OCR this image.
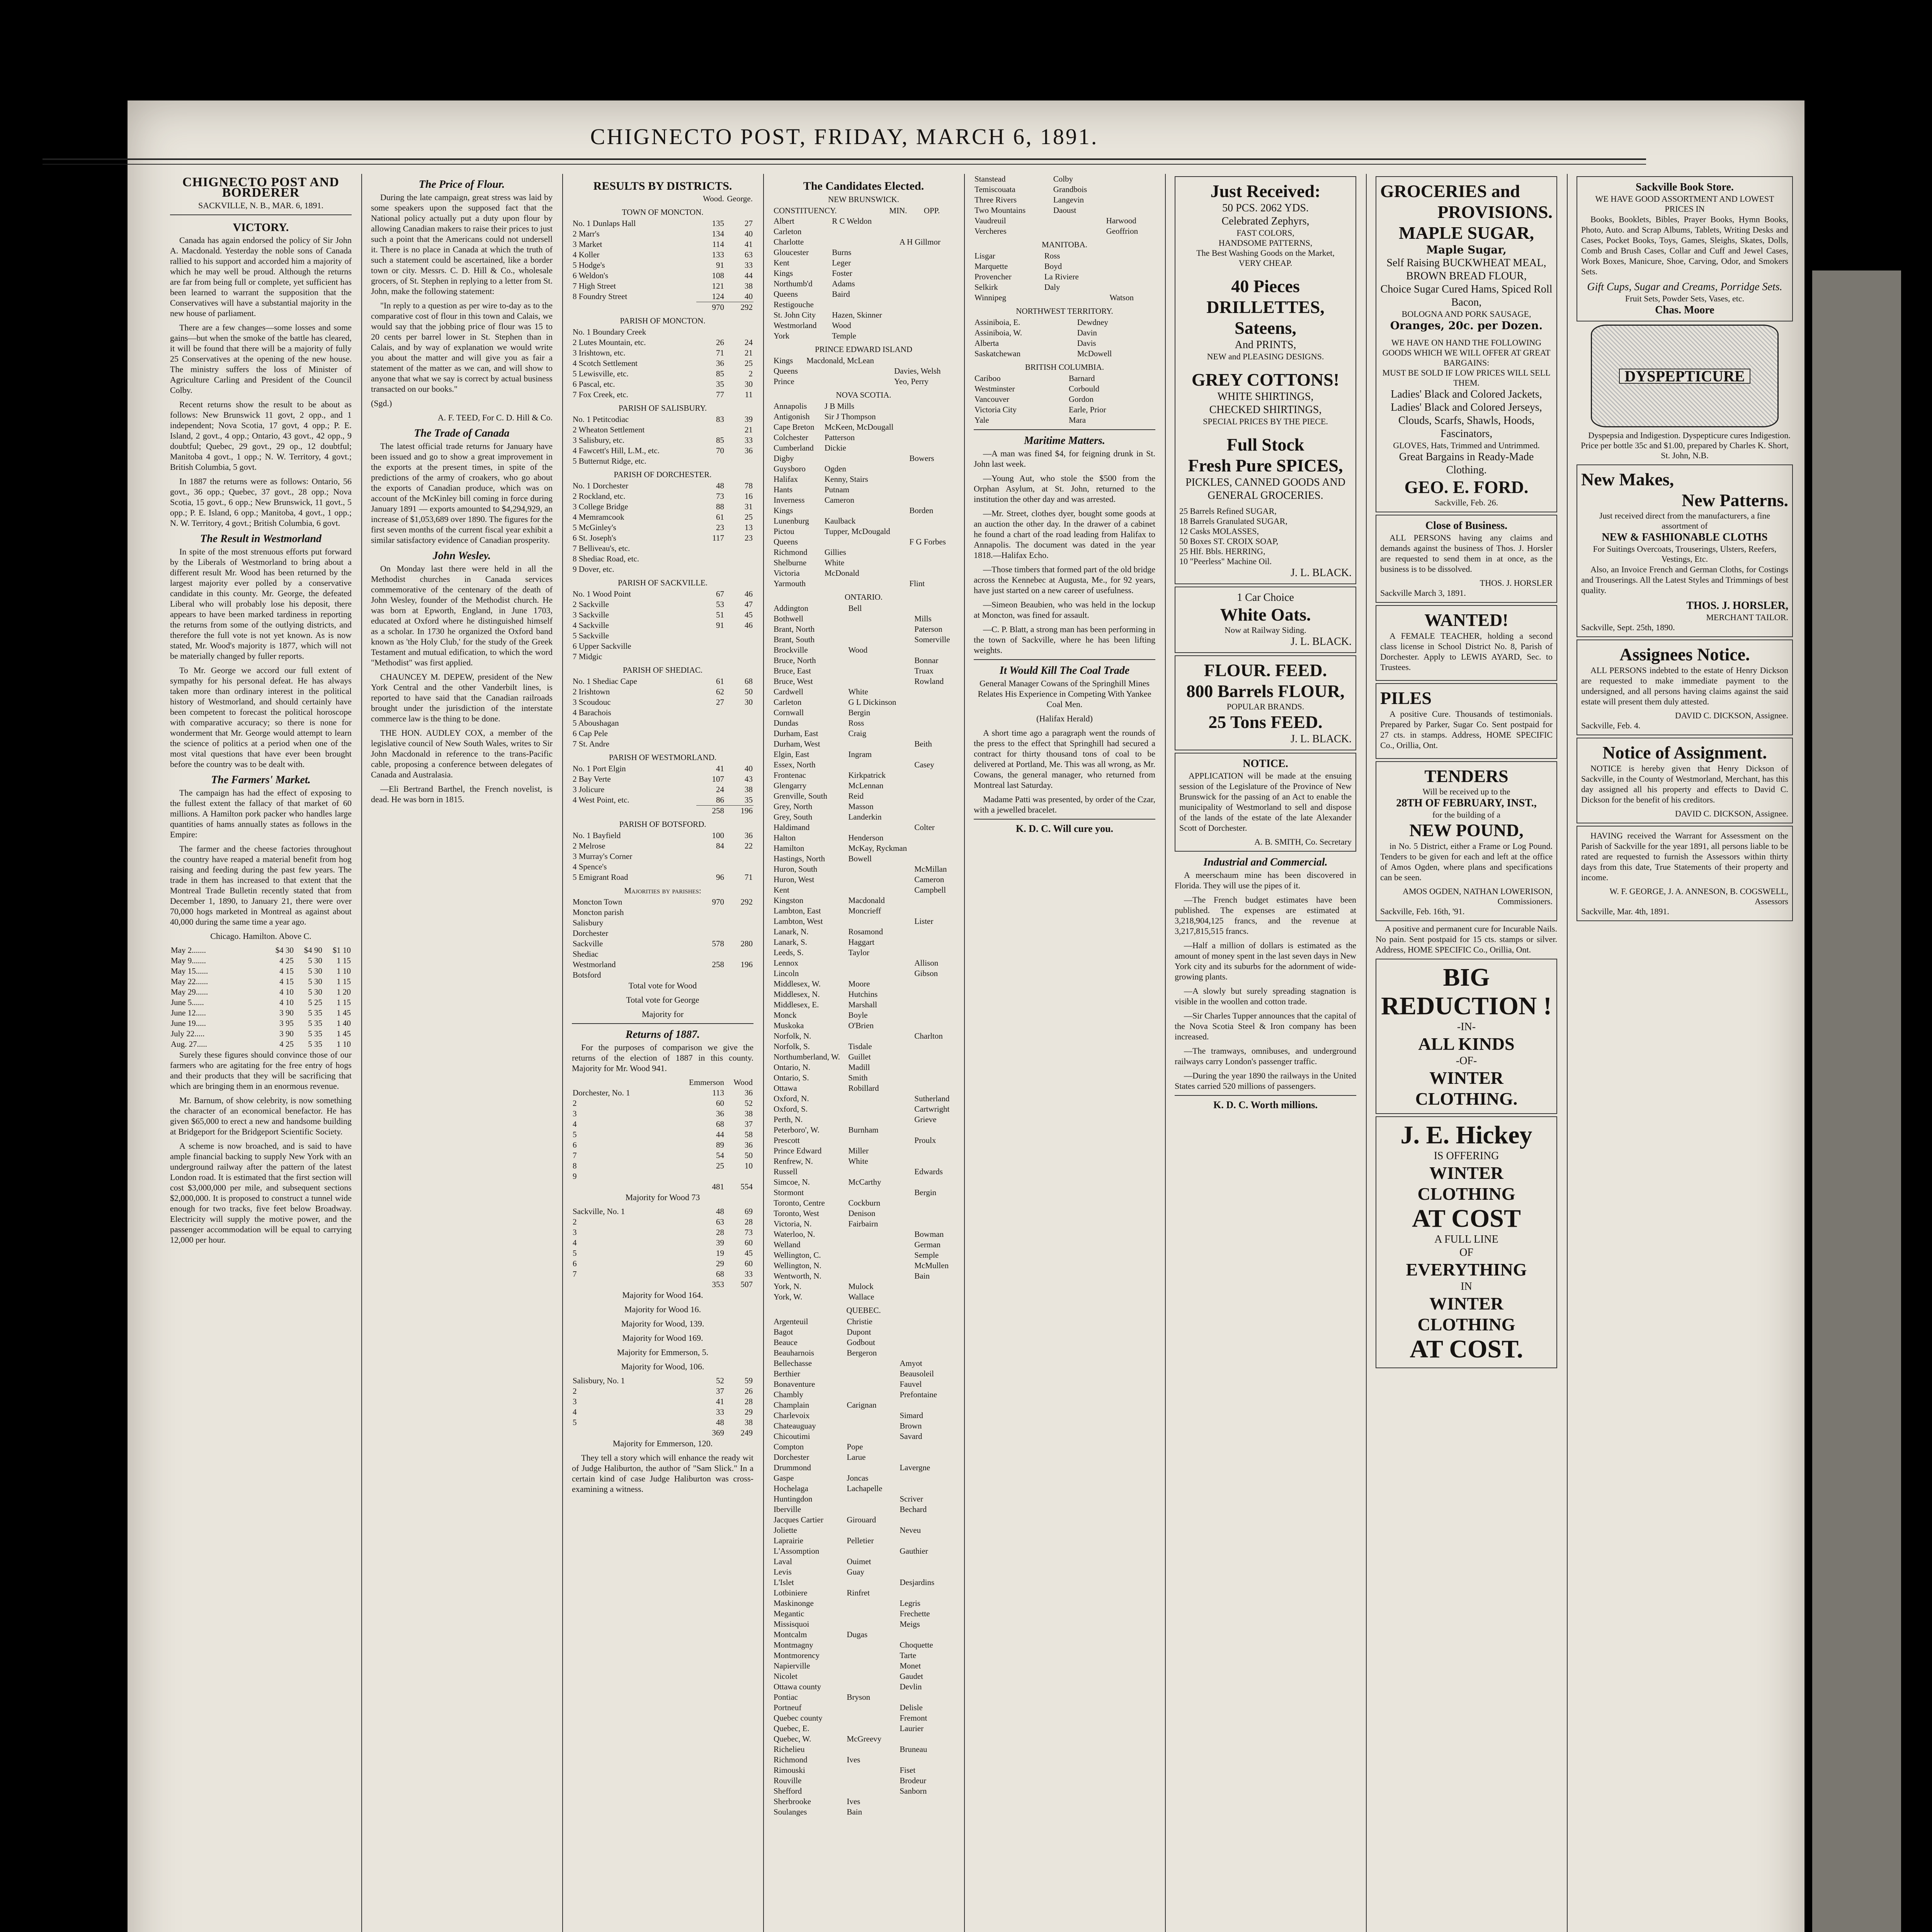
CHIGNECTO POST, FRIDAY, MARCH 6, 1891.
CHIGNECTO POST AND BORDERER
SACKVILLE, N. B., MAR. 6, 1891.
VICTORY.

Canada has again endorsed the policy of Sir John A. Macdonald. Yesterday the noble sons of Canada rallied to his support and accorded him a majority of which he may well be proud. Although the returns are far from being full or complete, yet sufficient has been learned to warrant the supposition that the Conservatives will have a substantial majority in the new house of parliament.

There are a few changes—some losses and some gains—but when the smoke of the battle has cleared, it will be found that there will be a majority of fully 25 Conservatives at the opening of the new house. The ministry suffers the loss of Minister of Agriculture Carling and President of the Council Colby.

Recent returns show the result to be about as follows: New Brunswick 11 govt, 2 opp., and 1 independent; Nova Scotia, 17 govt, 4 opp.; P. E. Island, 2 govt., 4 opp.; Ontario, 43 govt., 42 opp., 9 doubtful; Quebec, 29 govt., 29 op., 12 doubtful; Manitoba 4 govt., 1 opp.; N. W. Territory, 4 govt.; British Columbia, 5 govt.

In 1887 the returns were as follows: Ontario, 56 govt., 36 opp.; Quebec, 37 govt., 28 opp.; Nova Scotia, 15 govt., 6 opp.; New Brunswick, 11 govt., 5 opp.; P. E. Island, 6 opp.; Manitoba, 4 govt., 1 opp.; N. W. Territory, 4 govt.; British Columbia, 6 govt.

The Result in Westmorland

In spite of the most strenuous efforts put forward by the Liberals of Westmorland to bring about a different result Mr. Wood has been returned by the largest majority ever polled by a conservative candidate in this county. Mr. George, the defeated Liberal who will probably lose his deposit, there appears to have been marked tardiness in reporting the returns from some of the outlying districts, and therefore the full vote is not yet known. As is now stated, Mr. Wood's majority is 1877, which will not be materially changed by fuller reports.

To Mr. George we accord our full extent of sympathy for his personal defeat. He has always taken more than ordinary interest in the political history of Westmorland, and should certainly have been competent to forecast the political horoscope with comparative accuracy; so there is none for wonderment that Mr. George would attempt to learn the science of politics at a period when one of the most vital questions that have ever been brought before the country was to be dealt with.

The Farmers' Market.

The campaign has had the effect of exposing to the fullest extent the fallacy of that market of 60 millions. A Hamilton pork packer who handles large quantities of hams annually states as follows in the Empire:

The farmer and the cheese factories throughout the country have reaped a material benefit from hog raising and feeding during the past few years. The trade in them has increased to that extent that the Montreal Trade Bulletin recently stated that from December 1, 1890, to January 21, there were over 70,000 hogs marketed in Montreal as against about 40,000 during the same time a year ago.

Chicago. Hamilton. Above C.
May 2.......	$4 30	$4 90	$1 10
May 9.......	4 25	5 30	1 15
May 15......	4 15	5 30	1 10
May 22......	4 15	5 30	1 15
May 29......	4 10	5 30	1 20
June 5......	4 10	5 25	1 15
June 12.....	3 90	5 35	1 45
June 19.....	3 95	5 35	1 40
July 22.....	3 90	5 35	1 45
Aug. 27.....	4 25	5 35	1 10

Surely these figures should convince those of our farmers who are agitating for the free entry of hogs and their products that they will be sacrificing that which are bringing them in an enormous revenue.

Mr. Barnum, of show celebrity, is now something the character of an economical benefactor. He has given $65,000 to erect a new and handsome building at Bridgeport for the Bridgeport Scientific Society.

A scheme is now broached, and is said to have ample financial backing to supply New York with an underground railway after the pattern of the latest London road. It is estimated that the first section will cost $3,000,000 per mile, and subsequent sections $2,000,000. It is proposed to construct a tunnel wide enough for two tracks, five feet below Broadway. Electricity will supply the motive power, and the passenger accommodation will be equal to carrying 12,000 per hour.

The Price of Flour.

During the late campaign, great stress was laid by some speakers upon the supposed fact that the National policy actually put a duty upon flour by allowing Canadian makers to raise their prices to just such a point that the Americans could not undersell it. There is no place in Canada at which the truth of such a statement could be ascertained, like a border town or city. Messrs. C. D. Hill & Co., wholesale grocers, of St. Stephen in replying to a letter from St. John, make the following statement:

"In reply to a question as per wire to-day as to the comparative cost of flour in this town and Calais, we would say that the jobbing price of flour was 15 to 20 cents per barrel lower in St. Stephen than in Calais, and by way of explanation we would write you about the matter and will give you as fair a statement of the matter as we can, and will show to anyone that what we say is correct by actual business transacted on our books."

(Sgd.)
A. F. TEED, For C. D. Hill & Co.
The Trade of Canada

The latest official trade returns for January have been issued and go to show a great improvement in the exports at the present times, in spite of the predictions of the army of croakers, who go about the exports of Canadian produce, which was on account of the McKinley bill coming in force during January 1891 — exports amounted to $4,294,929, an increase of $1,053,689 over 1890. The figures for the first seven months of the current fiscal year exhibit a similar satisfactory evidence of Canadian prosperity.

John Wesley.

On Monday last there were held in all the Methodist churches in Canada services commemorative of the centenary of the death of John Wesley, founder of the Methodist church. He was born at Epworth, England, in June 1703, educated at Oxford where he distinguished himself as a scholar. In 1730 he organized the Oxford band known as 'the Holy Club,' for the study of the Greek Testament and mutual edification, to which the word "Methodist" was first applied.

CHAUNCEY M. DEPEW, president of the New York Central and the other Vanderbilt lines, is reported to have said that the Canadian railroads brought under the jurisdiction of the interstate commerce law is the thing to be done.

THE HON. AUDLEY COX, a member of the legislative council of New South Wales, writes to Sir John Macdonald in reference to the trans-Pacific cable, proposing a conference between delegates of Canada and Australasia.

—Eli Bertrand Barthel, the French novelist, is dead. He was born in 1815.

RESULTS BY DISTRICTS.
	Wood.	George.
TOWN OF MONCTON.
No. 1 Dunlaps Hall	135	27
2 Marr's	134	40
3 Market	114	41
4 Koller	133	63
5 Hodge's	91	33
6 Weldon's	108	44
7 High Street	121	38
8 Foundry Street	124	40
	970	292
PARISH OF MONCTON.
No. 1 Boundary Creek		
2 Lutes Mountain, etc.	26	24
3 Irishtown, etc.	71	21
4 Scotch Settlement	36	25
5 Lewisville, etc.	85	2
6 Pascal, etc.	35	30
7 Fox Creek, etc.	77	11
PARISH OF SALISBURY.
No. 1 Petitcodiac	83	39
2 Wheaton Settlement		21
3 Salisbury, etc.	85	33
4 Fawcett's Hill, L.M., etc.	70	36
5 Butternut Ridge, etc.		
PARISH OF DORCHESTER.
No. 1 Dorchester	48	78
2 Rockland, etc.	73	16
3 College Bridge	88	31
4 Memramcook	61	25
5 McGinley's	23	13
6 St. Joseph's	117	23
7 Belliveau's, etc.		
8 Shediac Road, etc.		
9 Dover, etc.		
PARISH OF SACKVILLE.
No. 1 Wood Point	67	46
2 Sackville	53	47
3 Sackville	51	45
4 Sackville	91	46
5 Sackville		
6 Upper Sackville		
7 Midgic		
PARISH OF SHEDIAC.
No. 1 Shediac Cape	61	68
2 Irishtown	62	50
3 Scoudouc	27	30
4 Barachois		
5 Aboushagan		
6 Cap Pele		
7 St. Andre		
PARISH OF WESTMORLAND.
No. 1 Port Elgin	41	40
2 Bay Verte	107	43
3 Jolicure	24	38
4 West Point, etc.	86	35
	258	196
PARISH OF BOTSFORD.
No. 1 Bayfield	100	36
2 Melrose	84	22
3 Murray's Corner		
4 Spence's		
5 Emigrant Road	96	71
Majorities by parishes:
Moncton Town	970	292
Moncton parish		
Salisbury		
Dorchester		
Sackville	578	280
Shediac		
Westmorland	258	196
Botsford		
Total vote for Wood
Total vote for George
Majority for
Returns of 1887.

For the purposes of comparison we give the returns of the election of 1887 in this county. Majority for Mr. Wood 941.

	Emmerson	Wood
Dorchester, No. 1	113	36
2	60	52
3	36	38
4	68	37
5	44	58
6	89	36
7	54	50
8	25	10
9		
	481	554
Majority for Wood 73
Sackville, No. 1	48	69
2	63	28
3	28	73
4	39	60
5	19	45
6	29	60
7	68	33
	353	507
Majority for Wood 164.
Majority for Wood 16.
Majority for Wood, 139.
Majority for Wood 169.
Majority for Emmerson, 5.
Majority for Wood, 106.
Salisbury, No. 1	52	59
2	37	26
3	41	28
4	33	29
5	48	38
	369	249
Majority for Emmerson, 120.

They tell a story which will enhance the ready wit of Judge Haliburton, the author of "Sam Slick." In a certain kind of case Judge Haliburton was cross-examining a witness.

The Candidates Elected.
NEW BRUNSWICK.
CONSTITUENCY.	MIN.	OPP.
Albert	R C Weldon	
Carleton		
Charlotte		A H Gillmor
Gloucester	Burns	
Kent	Leger	
Kings	Foster	
Northumb'd	Adams	
Queens	Baird	
Restigouche		
St. John City	Hazen, Skinner	
Westmorland	Wood	
York	Temple	
PRINCE EDWARD ISLAND
Kings	Macdonald, McLean	
Queens		Davies, Welsh
Prince		Yeo, Perry
NOVA SCOTIA.
Annapolis	J B Mills	
Antigonish	Sir J Thompson	
Cape Breton	McKeen, McDougall	
Colchester	Patterson	
Cumberland	Dickie	
Digby		Bowers
Guysboro	Ogden	
Halifax	Kenny, Stairs	
Hants	Putnam	
Inverness	Cameron	
Kings		Borden
Lunenburg	Kaulback	
Pictou	Tupper, McDougald	
Queens		F G Forbes
Richmond	Gillies	
Shelburne	White	
Victoria	McDonald	
Yarmouth		Flint
ONTARIO.
Addington	Bell	
Bothwell		Mills
Brant, North		Paterson
Brant, South		Somerville
Brockville	Wood	
Bruce, North		Bonnar
Bruce, East		Truax
Bruce, West		Rowland
Cardwell	White	
Carleton	G L Dickinson	
Cornwall	Bergin	
Dundas	Ross	
Durham, East	Craig	
Durham, West		Beith
Elgin, East	Ingram	
Essex, North		Casey
Frontenac	Kirkpatrick	
Glengarry	McLennan	
Grenville, South	Reid	
Grey, North	Masson	
Grey, South	Landerkin	
Haldimand		Colter
Halton	Henderson	
Hamilton	McKay, Ryckman	
Hastings, North	Bowell	
Huron, South		McMillan
Huron, West		Cameron
Kent		Campbell
Kingston	Macdonald	
Lambton, East	Moncrieff	
Lambton, West		Lister
Lanark, N.	Rosamond	
Lanark, S.	Haggart	
Leeds, S.	Taylor	
Lennox		Allison
Lincoln		Gibson
Middlesex, W.	Moore	
Middlesex, N.	Hutchins	
Middlesex, E.	Marshall	
Monck	Boyle	
Muskoka	O'Brien	
Norfolk, N.		Charlton
Norfolk, S.	Tisdale	
Northumberland, W.	Guillet	
Ontario, N.	Madill	
Ontario, S.	Smith	
Ottawa	Robillard	
Oxford, N.		Sutherland
Oxford, S.		Cartwright
Perth, N.		Grieve
Peterboro', W.	Burnham	
Prescott		Proulx
Prince Edward	Miller	
Renfrew, N.	White	
Russell		Edwards
Simcoe, N.	McCarthy	
Stormont		Bergin
Toronto, Centre	Cockburn	
Toronto, West	Denison	
Victoria, N.	Fairbairn	
Waterloo, N.		Bowman
Welland		German
Wellington, C.		Semple
Wellington, N.		McMullen
Wentworth, N.		Bain
York, N.	Mulock	
York, W.	Wallace	
QUEBEC.
Argenteuil	Christie	
Bagot	Dupont	
Beauce	Godbout	
Beauharnois	Bergeron	
Bellechasse		Amyot
Berthier		Beausoleil
Bonaventure		Fauvel
Chambly		Prefontaine
Champlain	Carignan	
Charlevoix		Simard
Chateauguay		Brown
Chicoutimi		Savard
Compton	Pope	
Dorchester	Larue	
Drummond		Lavergne
Gaspe	Joncas	
Hochelaga	Lachapelle	
Huntingdon		Scriver
Iberville		Bechard
Jacques Cartier	Girouard	
Joliette		Neveu
Laprairie	Pelletier	
L'Assomption		Gauthier
Laval	Ouimet	
Levis	Guay	
L'Islet		Desjardins
Lotbiniere	Rinfret	
Maskinonge		Legris
Megantic		Frechette
Missisquoi		Meigs
Montcalm	Dugas	
Montmagny		Choquette
Montmorency		Tarte
Napierville		Monet
Nicolet		Gaudet
Ottawa county		Devlin
Pontiac	Bryson	
Portneuf		Delisle
Quebec county		Fremont
Quebec, E.		Laurier
Quebec, W.	McGreevy	
Richelieu		Bruneau
Richmond	Ives	
Rimouski		Fiset
Rouville		Brodeur
Shefford		Sanborn
Sherbrooke	Ives	
Soulanges	Bain	
Stanstead	Colby	
Temiscouata	Grandbois	
Three Rivers	Langevin	
Two Mountains	Daoust	
Vaudreuil		Harwood
Vercheres		Geoffrion
MANITOBA.
Lisgar	Ross	
Marquette	Boyd	
Provencher	La Riviere	
Selkirk	Daly	
Winnipeg		Watson
NORTHWEST TERRITORY.
Assiniboia, E.	Dewdney	
Assiniboia, W.	Davin	
Alberta	Davis	
Saskatchewan	McDowell	
BRITISH COLUMBIA.
Cariboo	Barnard	
Westminster	Corbould	
Vancouver	Gordon	
Victoria City	Earle, Prior	
Yale	Mara	
Maritime Matters.

—A man was fined $4, for feigning drunk in St. John last week.

—Young Aut, who stole the $500 from the Orphan Asylum, at St. John, returned to the institution the other day and was arrested.

—Mr. Street, clothes dyer, bought some goods at an auction the other day. In the drawer of a cabinet he found a chart of the road leading from Halifax to Annapolis. The document was dated in the year 1818.—Halifax Echo.

—Those timbers that formed part of the old bridge across the Kennebec at Augusta, Me., for 92 years, have just started on a new career of usefulness.

—Simeon Beaubien, who was held in the lockup at Moncton, was fined for assault.

—C. P. Blatt, a strong man has been performing in the town of Sackville, where he has been lifting weights.

It Would Kill The Coal Trade
General Manager Cowans of the Springhill Mines Relates His Experience in Competing With Yankee Coal Men.
(Halifax Herald)

A short time ago a paragraph went the rounds of the press to the effect that Springhill had secured a contract for thirty thousand tons of coal to be delivered at Portland, Me. This was all wrong, as Mr. Cowans, the general manager, who returned from Montreal last Saturday.

Madame Patti was presented, by order of the Czar, with a jewelled bracelet.

K. D. C. Will cure you.
Just Received:
50 PCS. 2062 YDS.
Celebrated Zephyrs,
FAST COLORS,
HANDSOME PATTERNS,
The Best Washing Goods on the Market,
VERY CHEAP.
40 Pieces
DRILLETTES, Sateens,
And PRINTS,
NEW and PLEASING DESIGNS.
GREY COTTONS!
WHITE SHIRTINGS,
CHECKED SHIRTINGS,
SPECIAL PRICES BY THE PIECE.
Full Stock
Fresh Pure SPICES,
PICKLES, CANNED GOODS AND GENERAL GROCERIES.
25 Barrels Refined SUGAR,
18 Barrels Granulated SUGAR,
12 Casks MOLASSES,
50 Boxes ST. CROIX SOAP,
25 Hlf. Bbls. HERRING,
10 "Peerless" Machine Oil.
J. L. BLACK.
1 Car Choice
White Oats.
Now at Railway Siding.
J. L. BLACK.
FLOUR. FEED.
800 Barrels FLOUR,
POPULAR BRANDS.
25 Tons FEED.
J. L. BLACK.
NOTICE.

APPLICATION will be made at the ensuing session of the Legislature of the Province of New Brunswick for the passing of an Act to enable the municipality of Westmorland to sell and dispose of the lands of the estate of the late Alexander Scott of Dorchester.

A. B. SMITH, Co. Secretary
Industrial and Commercial.

A meerschaum mine has been discovered in Florida. They will use the pipes of it.

—The French budget estimates have been published. The expenses are estimated at 3,218,904,125 francs, and the revenue at 3,217,815,515 francs.

—Half a million of dollars is estimated as the amount of money spent in the last seven days in New York city and its suburbs for the adornment of wide-growing plants.

—A slowly but surely spreading stagnation is visible in the woollen and cotton trade.

—Sir Charles Tupper announces that the capital of the Nova Scotia Steel & Iron company has been increased.

—The tramways, omnibuses, and underground railways carry London's passenger traffic.

—During the year 1890 the railways in the United States carried 520 millions of passengers.

K. D. C. Worth millions.
GROCERIES and
PROVISIONS.
MAPLE SUGAR,
Maple Sugar,
Self Raising BUCKWHEAT MEAL, BROWN BREAD FLOUR,
Choice Sugar Cured Hams, Spiced Roll Bacon,
BOLOGNA AND PORK SAUSAGE,
Oranges, 20c. per Dozen.
WE HAVE ON HAND THE FOLLOWING GOODS WHICH WE WILL OFFER AT GREAT BARGAINS:
MUST BE SOLD IF LOW PRICES WILL SELL THEM.
Ladies' Black and Colored Jackets, Ladies' Black and Colored Jerseys,
Clouds, Scarfs, Shawls, Hoods, Fascinators,
GLOVES, Hats, Trimmed and Untrimmed.
Great Bargains in Ready-Made Clothing.
GEO. E. FORD.
Sackville, Feb. 26.
Close of Business.

ALL PERSONS having any claims and demands against the business of Thos. J. Horsler are requested to send them in at once, as the business is to be dissolved.

THOS. J. HORSLER
Sackville March 3, 1891.
WANTED!

A FEMALE TEACHER, holding a second class license in School District No. 8, Parish of Dorchester. Apply to LEWIS AYARD, Sec. to Trustees.

PILES

A positive Cure. Thousands of testimonials. Prepared by Parker, Sugar Co. Sent postpaid for 27 cts. in stamps. Address, HOME SPECIFIC Co., Orillia, Ont.

TENDERS
Will be received up to the
28TH OF FEBRUARY, INST.,
for the building of a
NEW POUND,

in No. 5 District, either a Frame or Log Pound. Tenders to be given for each and left at the office of Amos Ogden, where plans and specifications can be seen.

AMOS OGDEN, NATHAN LOWERISON, Commissioners.
Sackville, Feb. 16th, '91.

A positive and permanent cure for Incurable Nails. No pain. Sent postpaid for 15 cts. stamps or silver. Address, HOME SPECIFIC Co., Orillia, Ont.

BIG
REDUCTION !
-IN-
ALL KINDS
-OF-
WINTER
CLOTHING.
J. E. Hickey
IS OFFERING
WINTER CLOTHING
AT COST
A FULL LINE
OF
EVERYTHING
IN
WINTER CLOTHING
AT COST.
Sackville Book Store.
WE HAVE GOOD ASSORTMENT AND LOWEST PRICES IN

Books, Booklets, Bibles, Prayer Books, Hymn Books, Photo, Auto. and Scrap Albums, Tablets, Writing Desks and Cases, Pocket Books, Toys, Games, Sleighs, Skates, Dolls, Comb and Brush Cases, Collar and Cuff and Jewel Cases, Work Boxes, Manicure, Shoe, Carving, Odor, and Smokers Sets.

Gift Cups, Sugar and Creams, Porridge Sets.
Fruit Sets, Powder Sets, Vases, etc.
Chas. Moore
DYSPEPTICURE

Dyspepsia and Indigestion. Dyspepticure cures Indigestion. Price per bottle 35c and $1.00, prepared by Charles K. Short, St. John, N.B.

New Makes,
New Patterns.
Just received direct from the manufacturers, a fine assortment of
NEW & FASHIONABLE CLOTHS
For Suitings Overcoats, Trouserings, Ulsters, Reefers, Vestings, Etc.

Also, an Invoice French and German Cloths, for Costings and Trouserings. All the Latest Styles and Trimmings of best quality.

THOS. J. HORSLER,
MERCHANT TAILOR.
Sackville, Sept. 25th, 1890.
Assignees Notice.

ALL PERSONS indebted to the estate of Henry Dickson are requested to make immediate payment to the undersigned, and all persons having claims against the said estate will present them duly attested.

DAVID C. DICKSON, Assignee.
Sackville, Feb. 4.
Notice of Assignment.

NOTICE is hereby given that Henry Dickson of Sackville, in the County of Westmorland, Merchant, has this day assigned all his property and effects to David C. Dickson for the benefit of his creditors.

DAVID C. DICKSON, Assignee.

HAVING received the Warrant for Assessment on the Parish of Sackville for the year 1891, all persons liable to be rated are requested to furnish the Assessors within thirty days from this date, True Statements of their property and income.

W. F. GEORGE, J. A. ANNESON, B. COGSWELL, Assessors
Sackville, Mar. 4th, 1891.
